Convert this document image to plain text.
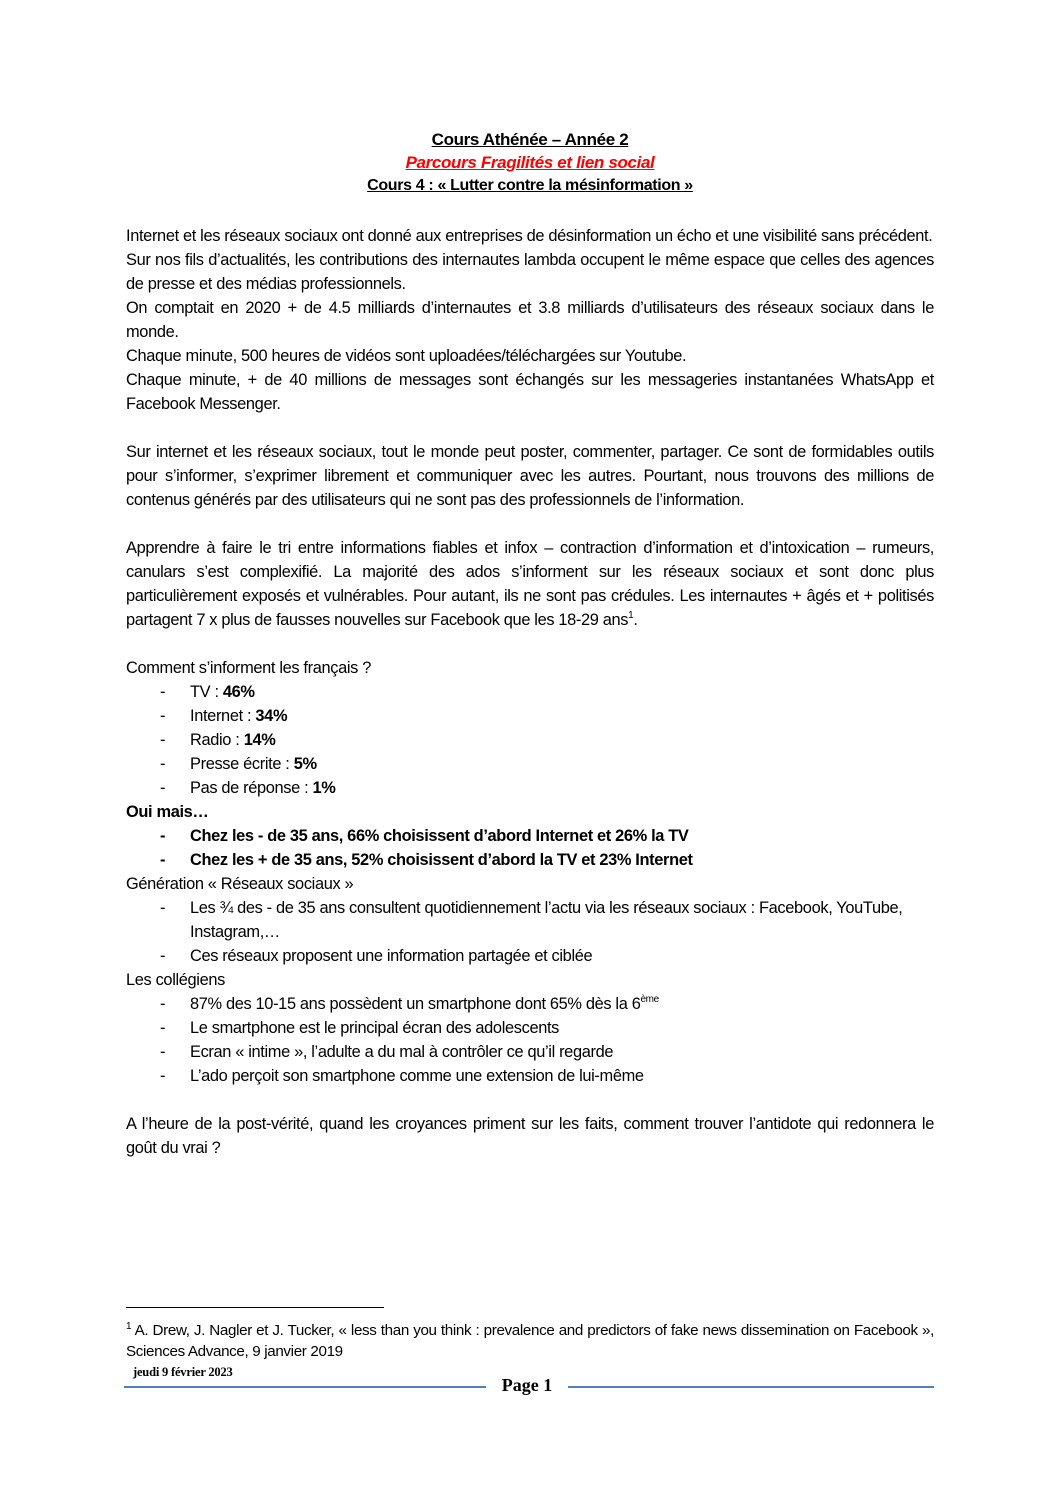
Cours Athénée – Année 2
Parcours Fragilités et lien social
Cours 4 : « Lutter contre la mésinformation »

Internet et les réseaux sociaux ont donné aux entreprises de désinformation un écho et une visibilité sans précédent.

Sur nos fils d’actualités, les contributions des internautes lambda occupent le même espace que celles des agences de presse et des médias professionnels.

On comptait en 2020 + de 4.5 milliards d’internautes et 3.8 milliards d’utilisateurs des réseaux sociaux dans le monde.

Chaque minute, 500 heures de vidéos sont uploadées/téléchargées sur Youtube.

Chaque minute, + de 40 millions de messages sont échangés sur les messageries instantanées WhatsApp et Facebook Messenger.

Sur internet et les réseaux sociaux, tout le monde peut poster, commenter, partager. Ce sont de formidables outils pour s’informer, s’exprimer librement et communiquer avec les autres. Pourtant, nous trouvons des millions de contenus générés par des utilisateurs qui ne sont pas des professionnels de l’information.

Apprendre à faire le tri entre informations fiables et infox – contraction d’information et d’intoxication – rumeurs, canulars s’est complexifié. La majorité des ados s’informent sur les réseaux sociaux et sont donc plus particulièrement exposés et vulnérables. Pour autant, ils ne sont pas crédules. Les internautes + âgés et + politisés partagent 7 x plus de fausses nouvelles sur Facebook que les 18-29 ans$^1$.

Comment s’informent les français ?

- TV : 46%
- Internet : 34%
- Radio : 14%
- Presse écrite : 5%
- Pas de réponse : 1%

Oui mais…

- Chez les - de 35 ans, 66% choisissent d’abord Internet et 26% la TV
- Chez les + de 35 ans, 52% choisissent d’abord la TV et 23% Internet

Génération « Réseaux sociaux »

- Les ¾ des - de 35 ans consultent quotidiennement l’actu via les réseaux sociaux : Facebook, YouTube, Instagram,…
- Ces réseaux proposent une information partagée et ciblée

Les collégiens

- 87% des 10-15 ans possèdent un smartphone dont 65% dès la 6ème
- Le smartphone est le principal écran des adolescents
- Ecran « intime », l’adulte a du mal à contrôler ce qu’il regarde
- L’ado perçoit son smartphone comme une extension de lui-même

A l’heure de la post-vérité, quand les croyances priment sur les faits, comment trouver l’antidote qui redonnera le goût du vrai ?

$^1$ A. Drew, J. Nagler et J. Tucker, « less than you think : prevalence and predictors of fake news dissemination on Facebook », Sciences Advance, 9 janvier 2019
jeudi 9 février 2023
Page 1
